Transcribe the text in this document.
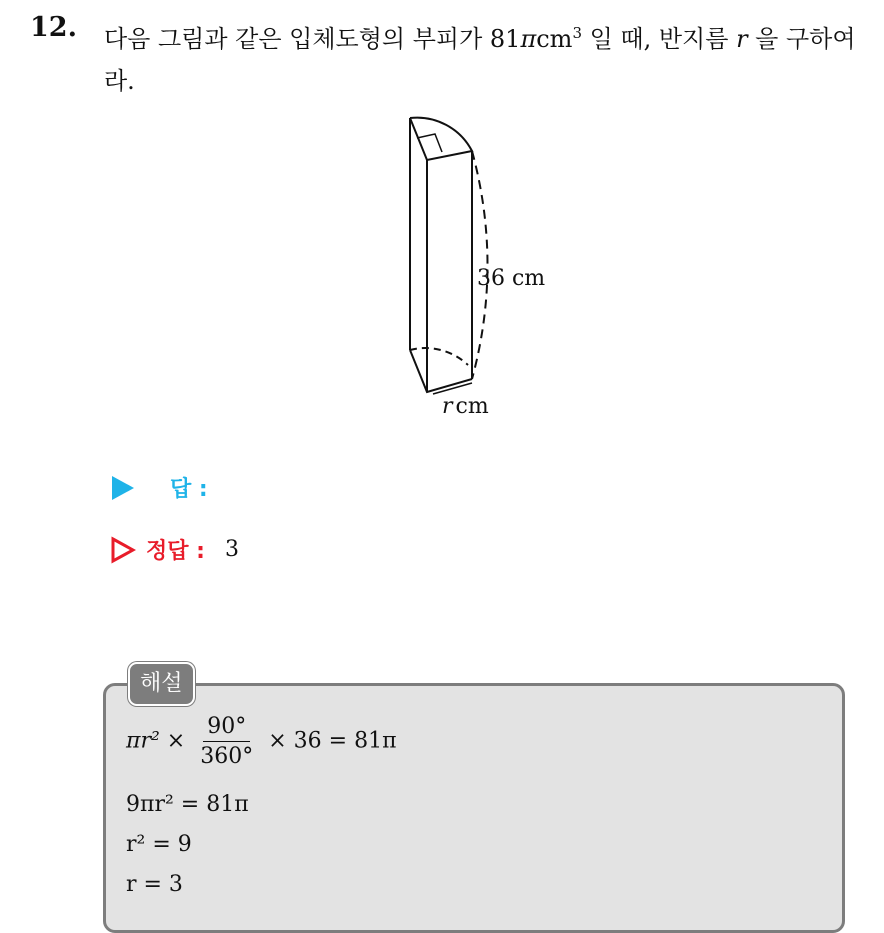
12. 다음 그림과 같은 입체도형의 부피가 81πcm$^3$ 일 때, 반지름 r 을 구하여라.
36 cm
r cm
답 :
정답 : 3
해설
$\pi r^2 \times \frac{90^\circ}{360^\circ} \times 36 = 81\pi$
9πr² = 81π
r² = 9
r = 3
